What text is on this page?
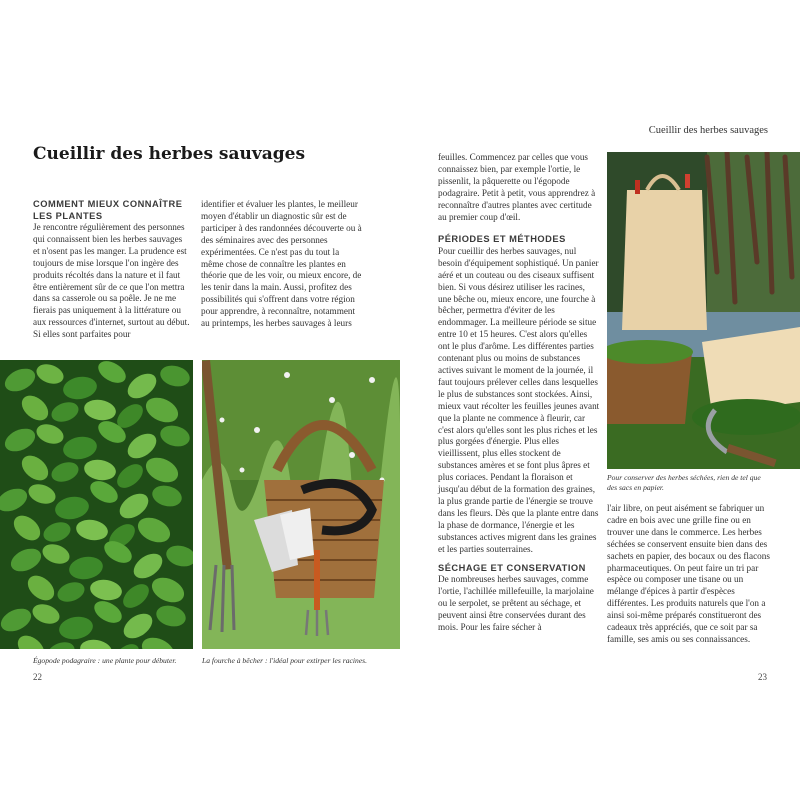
Cueillir des herbes sauvages
COMMENT MIEUX CONNAÎTRE
LES PLANTES

Je rencontre régulièrement des personnes qui connaissent bien les herbes sauvages et n'osent pas les manger. La prudence est toujours de mise lorsque l'on ingère des produits récoltés dans la nature et il faut être entièrement sûr de ce que l'on mettra dans sa casserole ou sa poêle. Je ne me fierais pas uniquement à la littérature ou aux ressources d'internet, surtout au début. Si elles sont parfaites pour

identifier et évaluer les plantes, le meilleur moyen d'établir un diagnostic sûr est de participer à des randonnées découverte ou à des séminaires avec des personnes expérimentées. Ce n'est pas du tout la même chose de connaître les plantes en théorie que de les voir, ou mieux encore, de les tenir dans la main. Aussi, profitez des possibilités qui s'offrent dans votre région pour apprendre, à reconnaître, notamment au printemps, les herbes sauvages à leurs

Égopode podagraire : une plante pour débuter.	La fourche à bêcher : l'idéal pour extirper les racines.
22
Cueillir des herbes sauvages

feuilles. Commencez par celles que vous connaissez bien, par exemple l'ortie, le pissenlit, la pâquerette ou l'égopode podagraire. Petit à petit, vous apprendrez à reconnaître d'autres plantes avec certitude au premier coup d'œil.

PÉRIODES ET MÉTHODES

Pour cueillir des herbes sauvages, nul besoin d'équipement sophistiqué. Un panier aéré et un couteau ou des ciseaux suffisent bien. Si vous désirez utiliser les racines, une bêche ou, mieux encore, une fourche à bêcher, permettra d'éviter de les endommager. La meilleure période se situe entre 10 et 15 heures. C'est alors qu'elles ont le plus d'arôme. Les différentes parties contenant plus ou moins de substances actives suivant le moment de la journée, il faut toujours prélever celles dans lesquelles le plus de substances sont stockées. Ainsi, mieux vaut récolter les feuilles jeunes avant que la plante ne commence à fleurir, car c'est alors qu'elles sont les plus riches et les plus gorgées d'énergie. Plus elles vieillissent, plus elles stockent de substances amères et se font plus âpres et plus coriaces. Pendant la floraison et jusqu'au début de la formation des graines, la plus grande partie de l'énergie se trouve dans les fleurs. Dès que la plante entre dans la phase de dormance, l'énergie et les substances actives migrent dans les graines et les parties souterraines.

SÉCHAGE ET CONSERVATION

De nombreuses herbes sauvages, comme l'ortie, l'achillée millefeuille, la marjolaine ou le serpolet, se prêtent au séchage, et peuvent ainsi être conservées durant des mois. Pour les faire sécher à

Pour conserver des herbes séchées, rien de tel que des sacs en papier.

l'air libre, on peut aisément se fabriquer un cadre en bois avec une grille fine ou en trouver une dans le commerce. Les herbes séchées se conservent ensuite bien dans des sachets en papier, des bocaux ou des flacons pharmaceutiques. On peut faire un tri par espèce ou composer une tisane ou un mélange d'épices à partir d'espèces différentes. Les produits naturels que l'on a ainsi soi-même préparés constitueront des cadeaux très appréciés, que ce soit par sa famille, ses amis ou ses connaissances.

23
